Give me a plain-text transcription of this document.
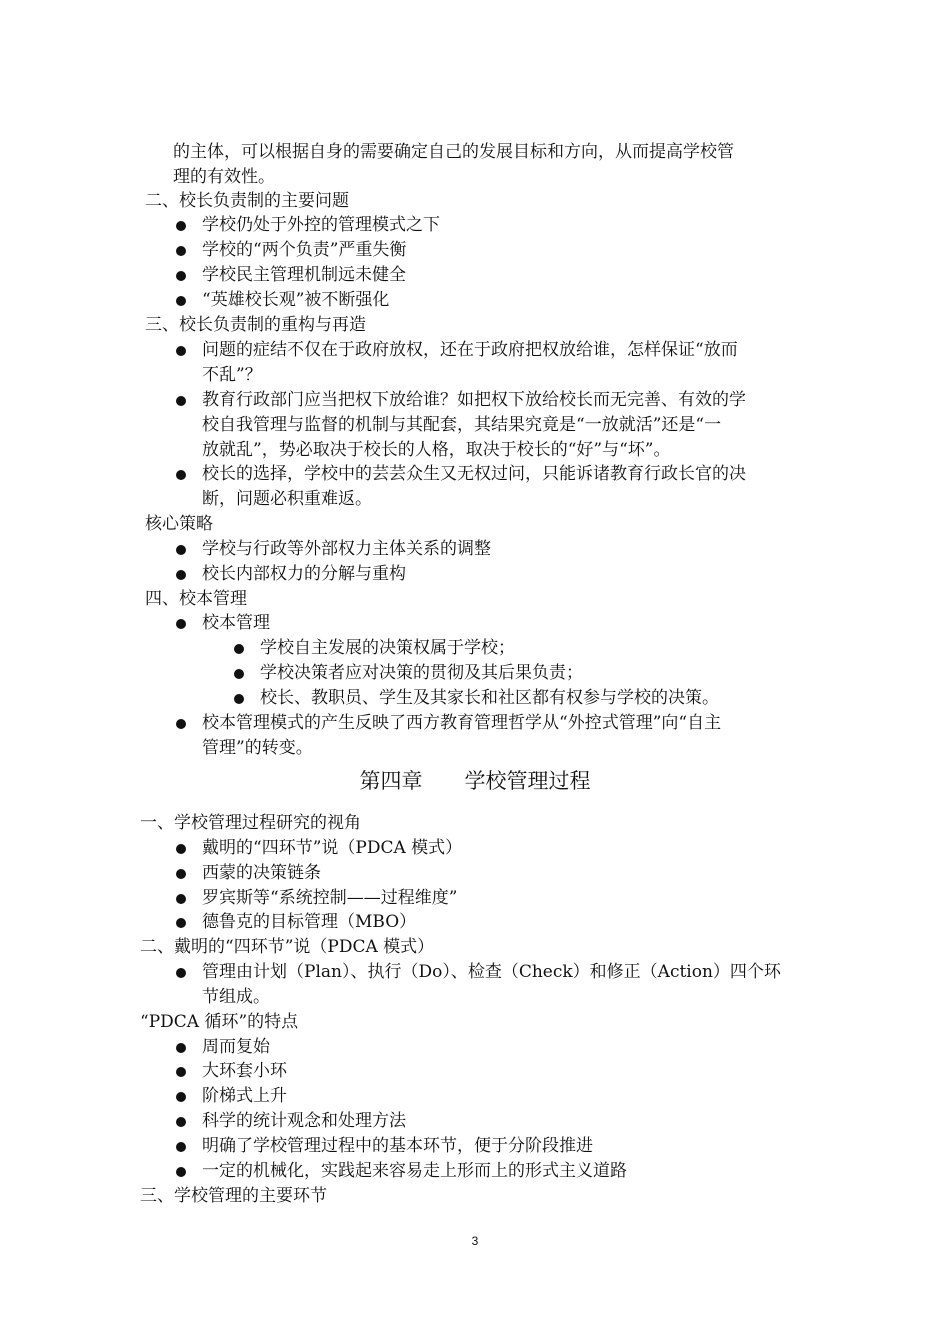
的主体，可以根据自身的需要确定自己的发展目标和方向，从而提高学校管
理的有效性。
二、校长负责制的主要问题
学校仍处于外控的管理模式之下
学校的“两个负责”严重失衡
学校民主管理机制远未健全
“英雄校长观”被不断强化
三、校长负责制的重构与再造
问题的症结不仅在于政府放权，还在于政府把权放给谁，怎样保证“放而
不乱”？
教育行政部门应当把权下放给谁？如把权下放给校长而无完善、有效的学
校自我管理与监督的机制与其配套，其结果究竟是“一放就活”还是“一
放就乱”，势必取决于校长的人格，取决于校长的“好”与“坏”。
校长的选择，学校中的芸芸众生又无权过问，只能诉诸教育行政长官的决
断，问题必积重难返。
核心策略
学校与行政等外部权力主体关系的调整
校长内部权力的分解与重构
四、校本管理
校本管理
学校自主发展的决策权属于学校；
学校决策者应对决策的贯彻及其后果负责；
校长、教职员、学生及其家长和社区都有权参与学校的决策。
校本管理模式的产生反映了西方教育管理哲学从“外控式管理”向“自主
管理”的转变。
一、学校管理过程研究的视角
戴明的“四环节”说（PDCA 模式）
西蒙的决策链条
罗宾斯等“系统控制——过程维度”
德鲁克的目标管理（MBO）
二、戴明的“四环节”说（PDCA 模式）
管理由计划（Plan）、执行（Do）、检查（Check）和修正（Action）四个环
节组成。
“PDCA 循环”的特点
周而复始
大环套小环
阶梯式上升
科学的统计观念和处理方法
明确了学校管理过程中的基本环节，便于分阶段推进
一定的机械化，实践起来容易走上形而上的形式主义道路
三、学校管理的主要环节
第四章　　学校管理过程
3
